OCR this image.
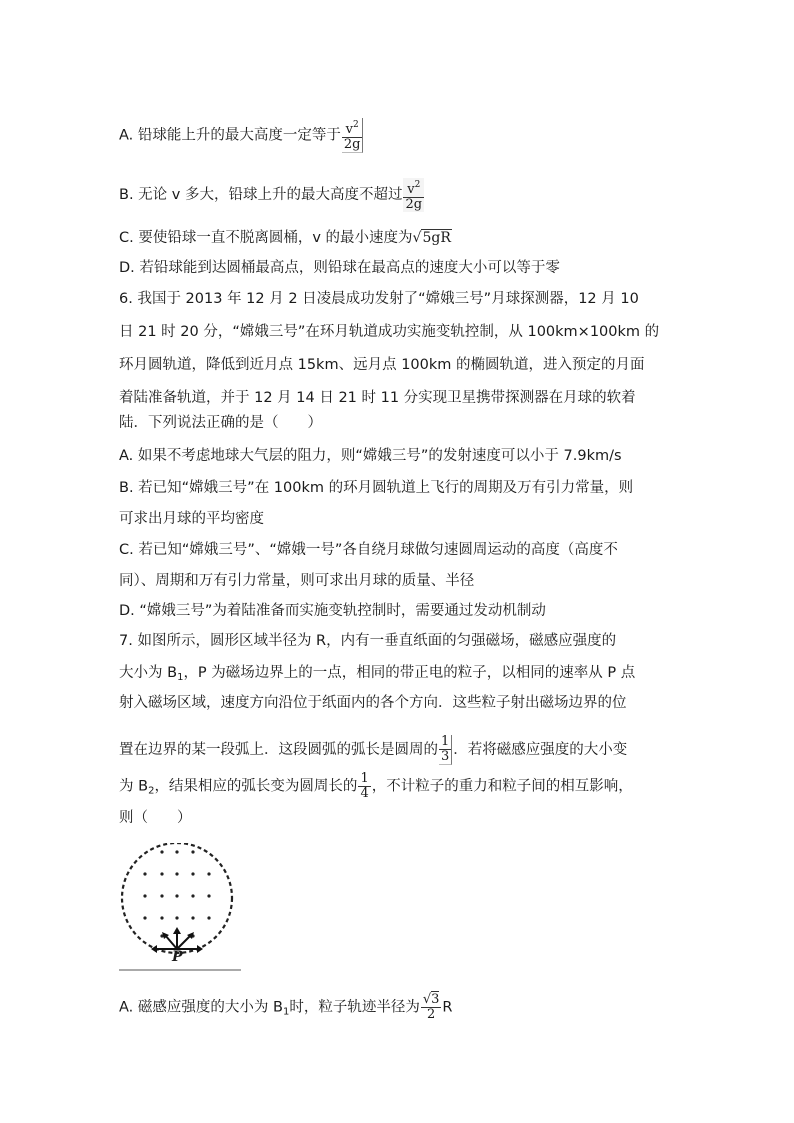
A. 铅球能上升的最大高度一定等于 $\frac{v^2}{2g}$
B. 无论 v 多大，铅球上升的最大高度不超过 $\frac{v^2}{2g}$
C. 要使铅球一直不脱离圆桶，v 的最小速度为√5gR
D. 若铅球能到达圆桶最高点，则铅球在最高点的速度大小可以等于零
6. 我国于 2013 年 12 月 2 日凌晨成功发射了“嫦娥三号”月球探测器，12 月 10
日 21 时 20 分，“嫦娥三号”在环月轨道成功实施变轨控制，从 100km×100km 的
环月圆轨道，降低到近月点 15km、远月点 100km 的椭圆轨道，进入预定的月面
着陆准备轨道，并于 12 月 14 日 21 时 11 分实现卫星携带探测器在月球的软着
陆．下列说法正确的是（　　）
A. 如果不考虑地球大气层的阻力，则“嫦娥三号”的发射速度可以小于 7.9km/s
B. 若已知“嫦娥三号”在 100km 的环月圆轨道上飞行的周期及万有引力常量，则
可求出月球的平均密度
C. 若已知“嫦娥三号”、“嫦娥一号”各自绕月球做匀速圆周运动的高度（高度不
同）、周期和万有引力常量，则可求出月球的质量、半径
D. “嫦娥三号”为着陆准备而实施变轨控制时，需要通过发动机制动
7. 如图所示，圆形区域半径为 R，内有一垂直纸面的匀强磁场，磁感应强度的
大小为 $B_1$，P 为磁场边界上的一点，相同的带正电的粒子，以相同的速率从 P 点
射入磁场区域，速度方向沿位于纸面内的各个方向．这些粒子射出磁场边界的位
置在边界的某一段弧上．这段圆弧的弧长是圆周的 $\frac{1}{3}$ ．若将磁感应强度的大小变
为 $B_2$，结果相应的弧长变为圆周长的 $\frac{1}{4}$ ，不计粒子的重力和粒子间的相互影响，
则（　　）
P
A. 磁感应强度的大小为 $B_1$时，粒子轨迹半径为 $\frac{√3}{2}$ R
